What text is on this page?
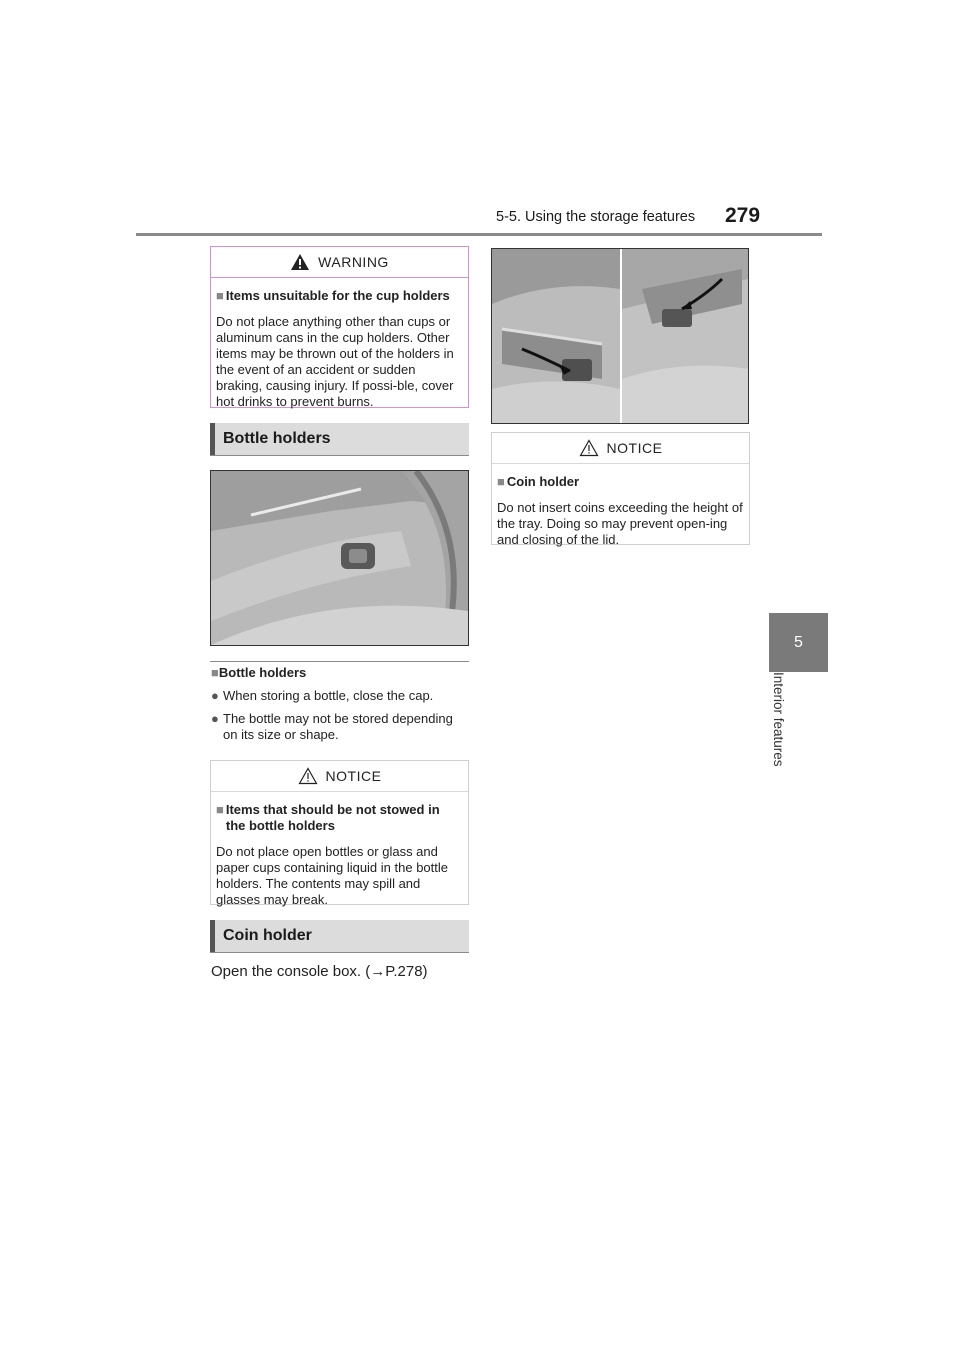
5-5. Using the storage features 279
5
Interior features
WARNING
■ Items unsuitable for the cup holders

Do not place anything other than cups or aluminum cans in the cup holders. Other items may be thrown out of the holders in the event of an accident or sudden braking, causing injury. If possi-ble, cover hot drinks to prevent burns.

Bottle holders
■ Bottle holders
● When storing a bottle, close the cap.
● The bottle may not be stored depending on its size or shape.
NOTICE
■ Items that should be not stowed in the bottle holders

Do not place open bottles or glass and paper cups containing liquid in the bottle holders. The contents may spill and glasses may break.

Coin holder
Open the console box. (→P.278)
NOTICE
■ Coin holder

Do not insert coins exceeding the height of the tray. Doing so may prevent open-ing and closing of the lid.
